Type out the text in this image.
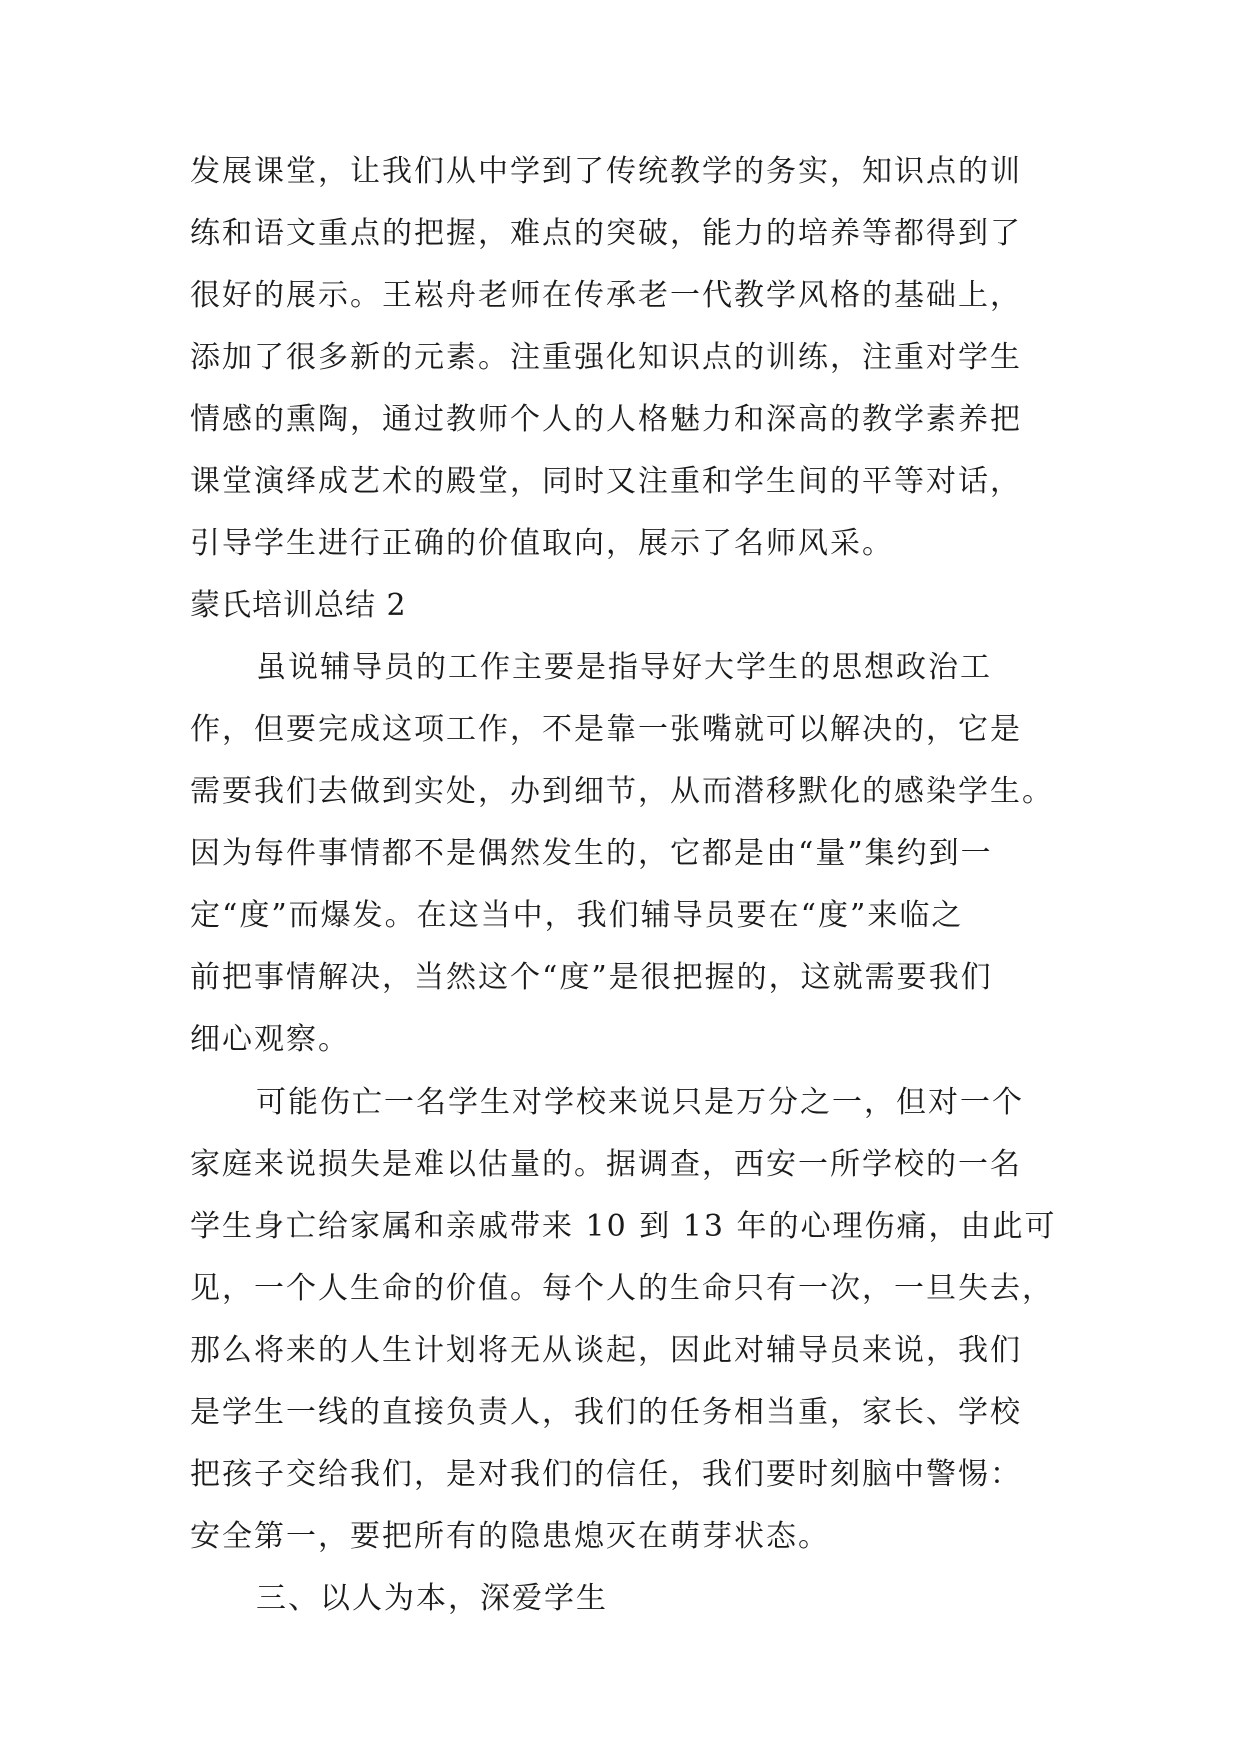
发展课堂，让我们从中学到了传统教学的务实，知识点的训
练和语文重点的把握，难点的突破，能力的培养等都得到了
很好的展示。王崧舟老师在传承老一代教学风格的基础上，
添加了很多新的元素。注重强化知识点的训练，注重对学生
情感的熏陶，通过教师个人的人格魅力和深高的教学素养把
课堂演绎成艺术的殿堂，同时又注重和学生间的平等对话，
引导学生进行正确的价值取向，展示了名师风采。
蒙氏培训总结 2
虽说辅导员的工作主要是指导好大学生的思想政治工
作，但要完成这项工作，不是靠一张嘴就可以解决的，它是
需要我们去做到实处，办到细节，从而潜移默化的感染学生。
因为每件事情都不是偶然发生的，它都是由“量”集约到一
定“度”而爆发。在这当中，我们辅导员要在“度”来临之
前把事情解决，当然这个“度”是很把握的，这就需要我们
细心观察。
可能伤亡一名学生对学校来说只是万分之一，但对一个
家庭来说损失是难以估量的。据调查，西安一所学校的一名
学生身亡给家属和亲戚带来 10 到 13 年的心理伤痛，由此可
见，一个人生命的价值。每个人的生命只有一次，一旦失去，
那么将来的人生计划将无从谈起，因此对辅导员来说，我们
是学生一线的直接负责人，我们的任务相当重，家长、学校
把孩子交给我们，是对我们的信任，我们要时刻脑中警惕：
安全第一，要把所有的隐患熄灭在萌芽状态。
三、以人为本，深爱学生
